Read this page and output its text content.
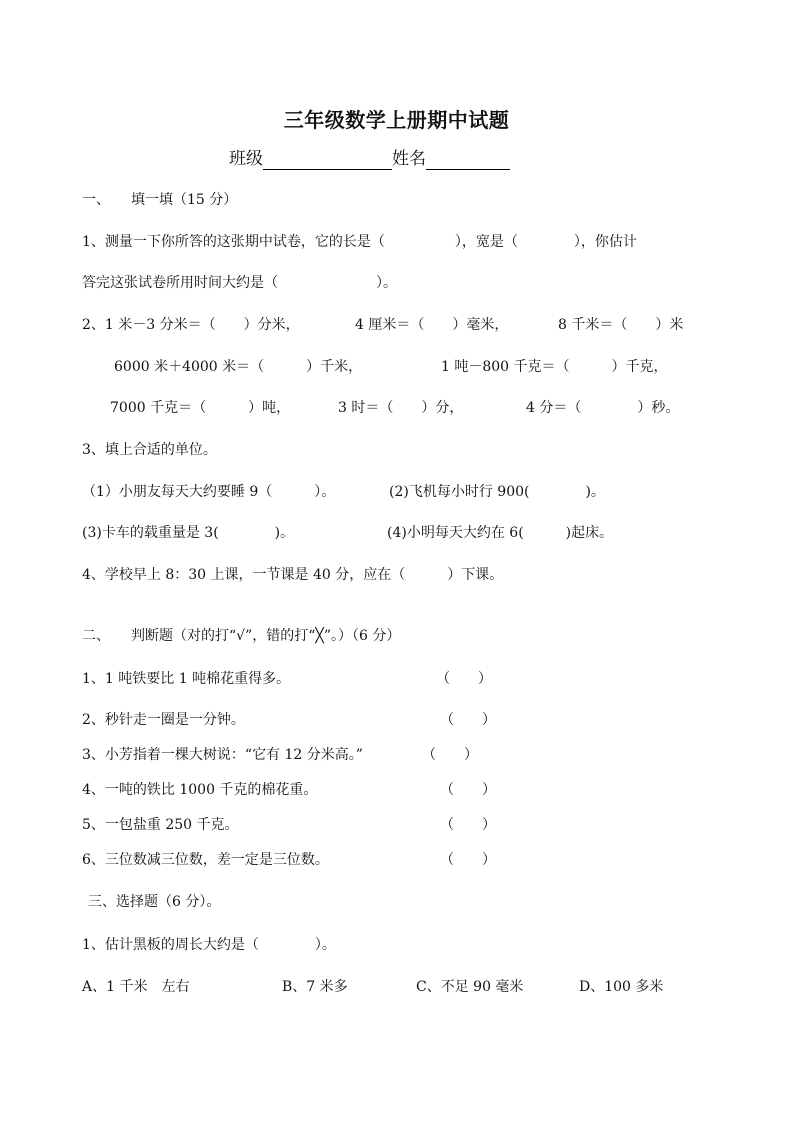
三年级数学上册期中试题
班级	姓名
一、　　填一填（15 分）
1、测量一下你所答的这张期中试卷，它的长是（　　　　　），宽是（　　　　），你估计
答完这张试卷所用时间大约是（　　　　　　　）。
2、1 米－3 分米＝（　　）分米，	4 厘米＝（　　）毫米，	8 千米＝（　　）米
6000 米＋4000 米＝（　　　）千米，	1 吨－800 千克＝（　　　）千克，
7000 千克＝（　　　）吨，	3 时＝（　　）分，	4 分＝（　　　　）秒。
3、填上合适的单位。
（1）小朋友每天大约要睡 9（　　　）。	(2)飞机每小时行 900(　　　　)。
(3)卡车的载重量是 3(　　　　)。	(4)小明每天大约在 6(　　　)起床。
4、学校早上 8：30 上课，一节课是 40 分，应在（　　　）下课。
二、　　判断题（对的打“√”，错的打“╳”。）（6 分）
1、1 吨铁要比 1 吨棉花重得多。	（　　）
2、秒针走一圈是一分钟。	（　　）
3、小芳指着一棵大树说：“它有 12 分米高。”	（　　）
4、一吨的铁比 1000 千克的棉花重。	（　　）
5、一包盐重 250 千克。	（　　）
6、三位数减三位数，差一定是三位数。	（　　）
三、选择题（6 分）。
1、估计黑板的周长大约是（　　　　）。
A、1 千米　左右	B、7 米多	C、不足 90 毫米	D、100 多米
